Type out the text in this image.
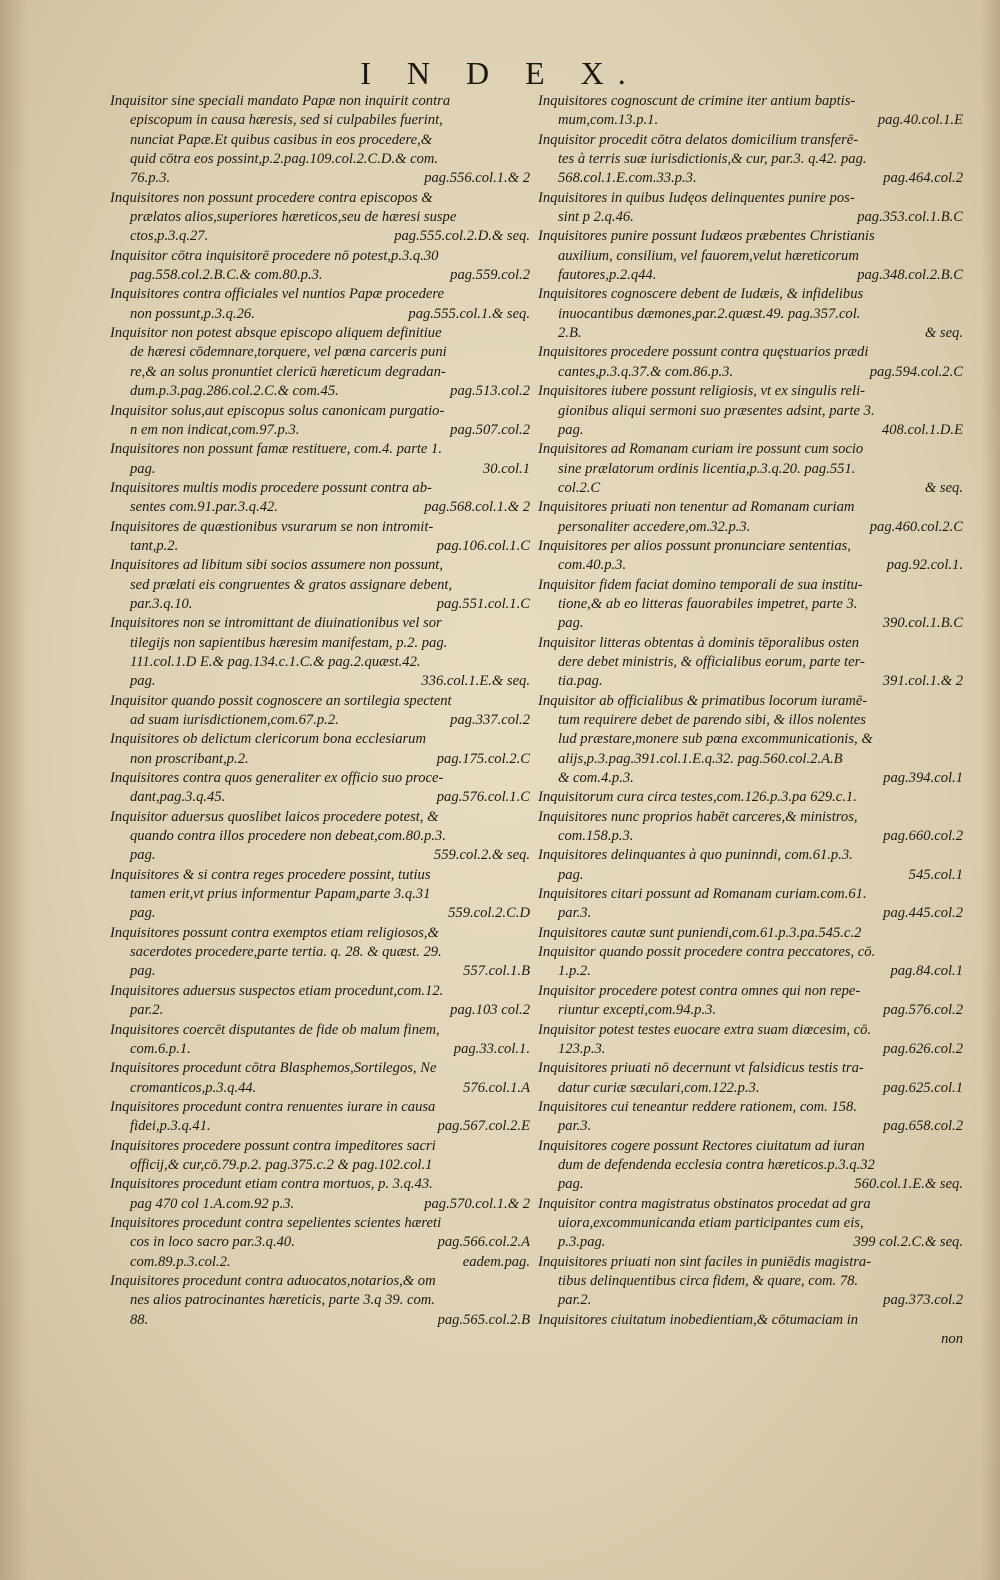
I N D E X.
Inquisitor sine speciali mandato Papæ non inquirit contra
episcopum in causa hæresis, sed si culpabiles fuerint,
nunciat Papæ.Et quibus casibus in eos procedere,&
quid cōtra eos possint,p.2.pag.109.col.2.C.D.& com.
76.p.3.	pag.556.col.1.& 2
Inquisitores non possunt procedere contra episcopos &
prælatos alios,superiores hæreticos,seu de hæresi suspe
ctos,p.3.q.27.	pag.555.col.2.D.& seq.
Inquisitor cōtra inquisitorē procedere nō potest,p.3.q.30
pag.558.col.2.B.C.& com.80.p.3.	pag.559.col.2
Inquisitores contra officiales vel nuntios Papæ procedere
non possunt,p.3.q.26.	pag.555.col.1.& seq.
Inquisitor non potest absque episcopo aliquem definitiue
de hæresi cōdemnare,torquere, vel pœna carceris puni
re,& an solus pronuntiet clericū hæreticum degradan-
dum.p.3.pag.286.col.2.C.& com.45.	pag.513.col.2
Inquisitor solus,aut episcopus solus canonicam purgatio-
n em non indicat,com.97.p.3.	pag.507.col.2
Inquisitores non possunt famæ restituere, com.4. parte 1.
pag.	30.col.1
Inquisitores multis modis procedere possunt contra ab-
sentes com.91.par.3.q.42.	pag.568.col.1.& 2
Inquisitores de quæstionibus vsurarum se non intromit-
tant,p.2.	pag.106.col.1.C
Inquisitores ad libitum sibi socios assumere non possunt,
sed prælati eis congruentes & gratos assignare debent,
par.3.q.10.	pag.551.col.1.C
Inquisitores non se intromittant de diuinationibus vel sor
tilegijs non sapientibus hæresim manifestam, p.2. pag.
111.col.1.D E.& pag.134.c.1.C.& pag.2.quæst.42.
pag.	336.col.1.E.& seq.
Inquisitor quando possit cognoscere an sortilegia spectent
ad suam iurisdictionem,com.67.p.2.	pag.337.col.2
Inquisitores ob delictum clericorum bona ecclesiarum
non proscribant,p.2.	pag.175.col.2.C
Inquisitores contra quos generaliter ex officio suo proce-
dant,pag.3.q.45.	pag.576.col.1.C
Inquisitor aduersus quoslibet laicos procedere potest, &
quando contra illos procedere non debeat,com.80.p.3.
pag.	559.col.2.& seq.
Inquisitores & si contra reges procedere possint, tutius
tamen erit,vt prius informentur Papam,parte 3.q.31
pag.	559.col.2.C.D
Inquisitores possunt contra exemptos etiam religiosos,&
sacerdotes procedere,parte tertia. q. 28. & quæst. 29.
pag.	557.col.1.B
Inquisitores aduersus suspectos etiam procedunt,com.12.
par.2.	pag.103 col.2
Inquisitores coercēt disputantes de fide ob malum finem,
com.6.p.1.	pag.33.col.1.
Inquisitores procedunt cōtra Blasphemos,Sortilegos, Ne
cromanticos,p.3.q.44.	576.col.1.A
Inquisitores procedunt contra renuentes iurare in causa
fidei,p.3.q.41.	pag.567.col.2.E
Inquisitores procedere possunt contra impeditores sacri
officij,& cur,cō.79.p.2. pag.375.c.2 & pag.102.col.1
Inquisitores procedunt etiam contra mortuos, p. 3.q.43.
pag 470 col 1.A.com.92 p.3.	pag.570.col.1.& 2
Inquisitores procedunt contra sepelientes scientes hæreti
cos in loco sacro par.3.q.40.	pag.566.col.2.A
com.89.p.3.col.2.	eadem.pag.
Inquisitores procedunt contra aduocatos,notarios,& om
nes alios patrocinantes hæreticis, parte 3.q 39. com.
88.	pag.565.col.2.B
Inquisitores cognoscunt de crimine iter antium baptis-
mum,com.13.p.1.	pag.40.col.1.E
Inquisitor procedit cōtra delatos domicilium transferē-
tes à terris suæ iurisdictionis,& cur, par.3. q.42. pag.
568.col.1.E.com.33.p.3.	pag.464.col.2
Inquisitores in quibus Iudęos delinquentes punire pos-
sint p 2.q.46.	pag.353.col.1.B.C
Inquisitores punire possunt Iudæos præbentes Christianis
auxilium, consilium, vel fauorem,velut hæreticorum
fautores,p.2.q44.	pag.348.col.2.B.C
Inquisitores cognoscere debent de Iudæis, & infidelibus
inuocantibus dæmones,par.2.quæst.49. pag.357.col.
2.B.	& seq.
Inquisitores procedere possunt contra quęstuarios prædi
cantes,p.3.q.37.& com.86.p.3.	pag.594.col.2.C
Inquisitores iubere possunt religiosis, vt ex singulis reli-
gionibus aliqui sermoni suo præsentes adsint, parte 3.
pag.	408.col.1.D.E
Inquisitores ad Romanam curiam ire possunt cum socio
sine prælatorum ordinis licentia,p.3.q.20. pag.551.
col.2.C	& seq.
Inquisitores priuati non tenentur ad Romanam curiam
personaliter accedere,om.32.p.3.	pag.460.col.2.C
Inquisitores per alios possunt pronunciare sententias,
com.40.p.3.	pag.92.col.1.
Inquisitor fidem faciat domino temporali de sua institu-
tione,& ab eo litteras fauorabiles impetret, parte 3.
pag.	390.col.1.B.C
Inquisitor litteras obtentas à dominis tēporalibus osten
dere debet ministris, & officialibus eorum, parte ter-
tia.pag.	391.col.1.& 2
Inquisitor ab officialibus & primatibus locorum iuramē-
tum requirere debet de parendo sibi, & illos nolentes
lud præstare,monere sub pœna excommunicationis, &
alijs,p.3.pag.391.col.1.E.q.32. pag.560.col.2.A.B
& com.4.p.3.	pag.394.col.1
Inquisitorum cura circa testes,com.126.p.3.pa 629.c.1.
Inquisitores nunc proprios habēt carceres,& ministros,
com.158.p.3.	pag.660.col.2
Inquisitores delinquantes à quo puninndi, com.61.p.3.
pag.	545.col.1
Inquisitores citari possunt ad Romanam curiam.com.61.
par.3.	pag.445.col.2
Inquisitores cautæ sunt puniendi,com.61.p.3.pa.545.c.2
Inquisitor quando possit procedere contra peccatores, cō.
1.p.2.	pag.84.col.1
Inquisitor procedere potest contra omnes qui non repe-
riuntur excepti,com.94.p.3.	pag.576.col.2
Inquisitor potest testes euocare extra suam diœcesim, cō.
123.p.3.	pag.626.col.2
Inquisitores priuati nō decernunt vt falsidicus testis tra-
datur curiæ sæculari,com.122.p.3.	pag.625.col.1
Inquisitores cui teneantur reddere rationem, com. 158.
par.3.	pag.658.col.2
Inquisitores cogere possunt Rectores ciuitatum ad iuran
dum de defendenda ecclesia contra hæreticos.p.3.q.32
pag.	560.col.1.E.& seq.
Inquisitor contra magistratus obstinatos procedat ad gra
uiora,excommunicanda etiam participantes cum eis,
p.3.pag.	399 col.2.C.& seq.
Inquisitores priuati non sint faciles in puniēdis magistra-
tibus delinquentibus circa fidem, & quare, com. 78.
par.2.	pag.373.col.2
Inquisitores ciuitatum inobedientiam,& cōtumaciam in
non
